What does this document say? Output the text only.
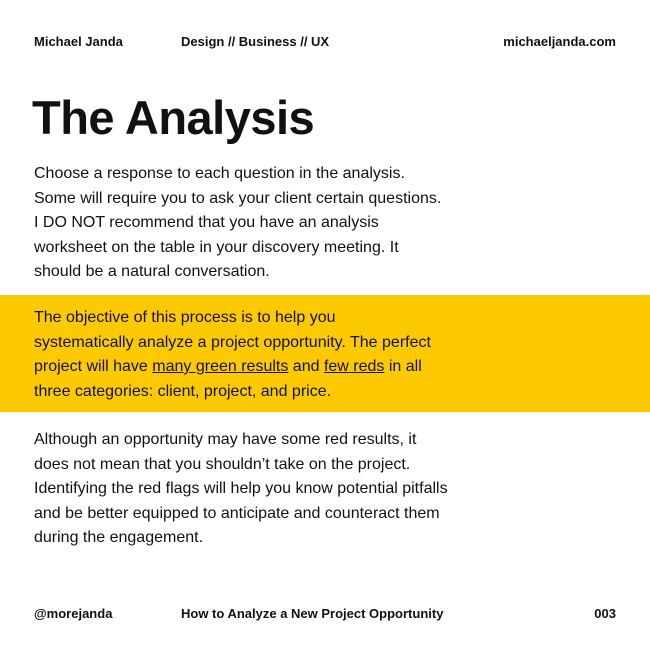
Michael Janda	Design // Business // UX	michaeljanda.com
The Analysis

Choose a response to each question in the analysis. Some will require you to ask your client certain questions. I DO NOT recommend that you have an analysis worksheet on the table in your discovery meeting. It should be a natural conversation.

The objective of this process is to help you systematically analyze a project opportunity. The perfect project will have many green results and few reds in all three categories: client, project, and price.

Although an opportunity may have some red results, it does not mean that you shouldn’t take on the project. Identifying the red flags will help you know potential pitfalls and be better equipped to anticipate and counteract them during the engagement.

@morejanda	How to Analyze a New Project Opportunity	003
